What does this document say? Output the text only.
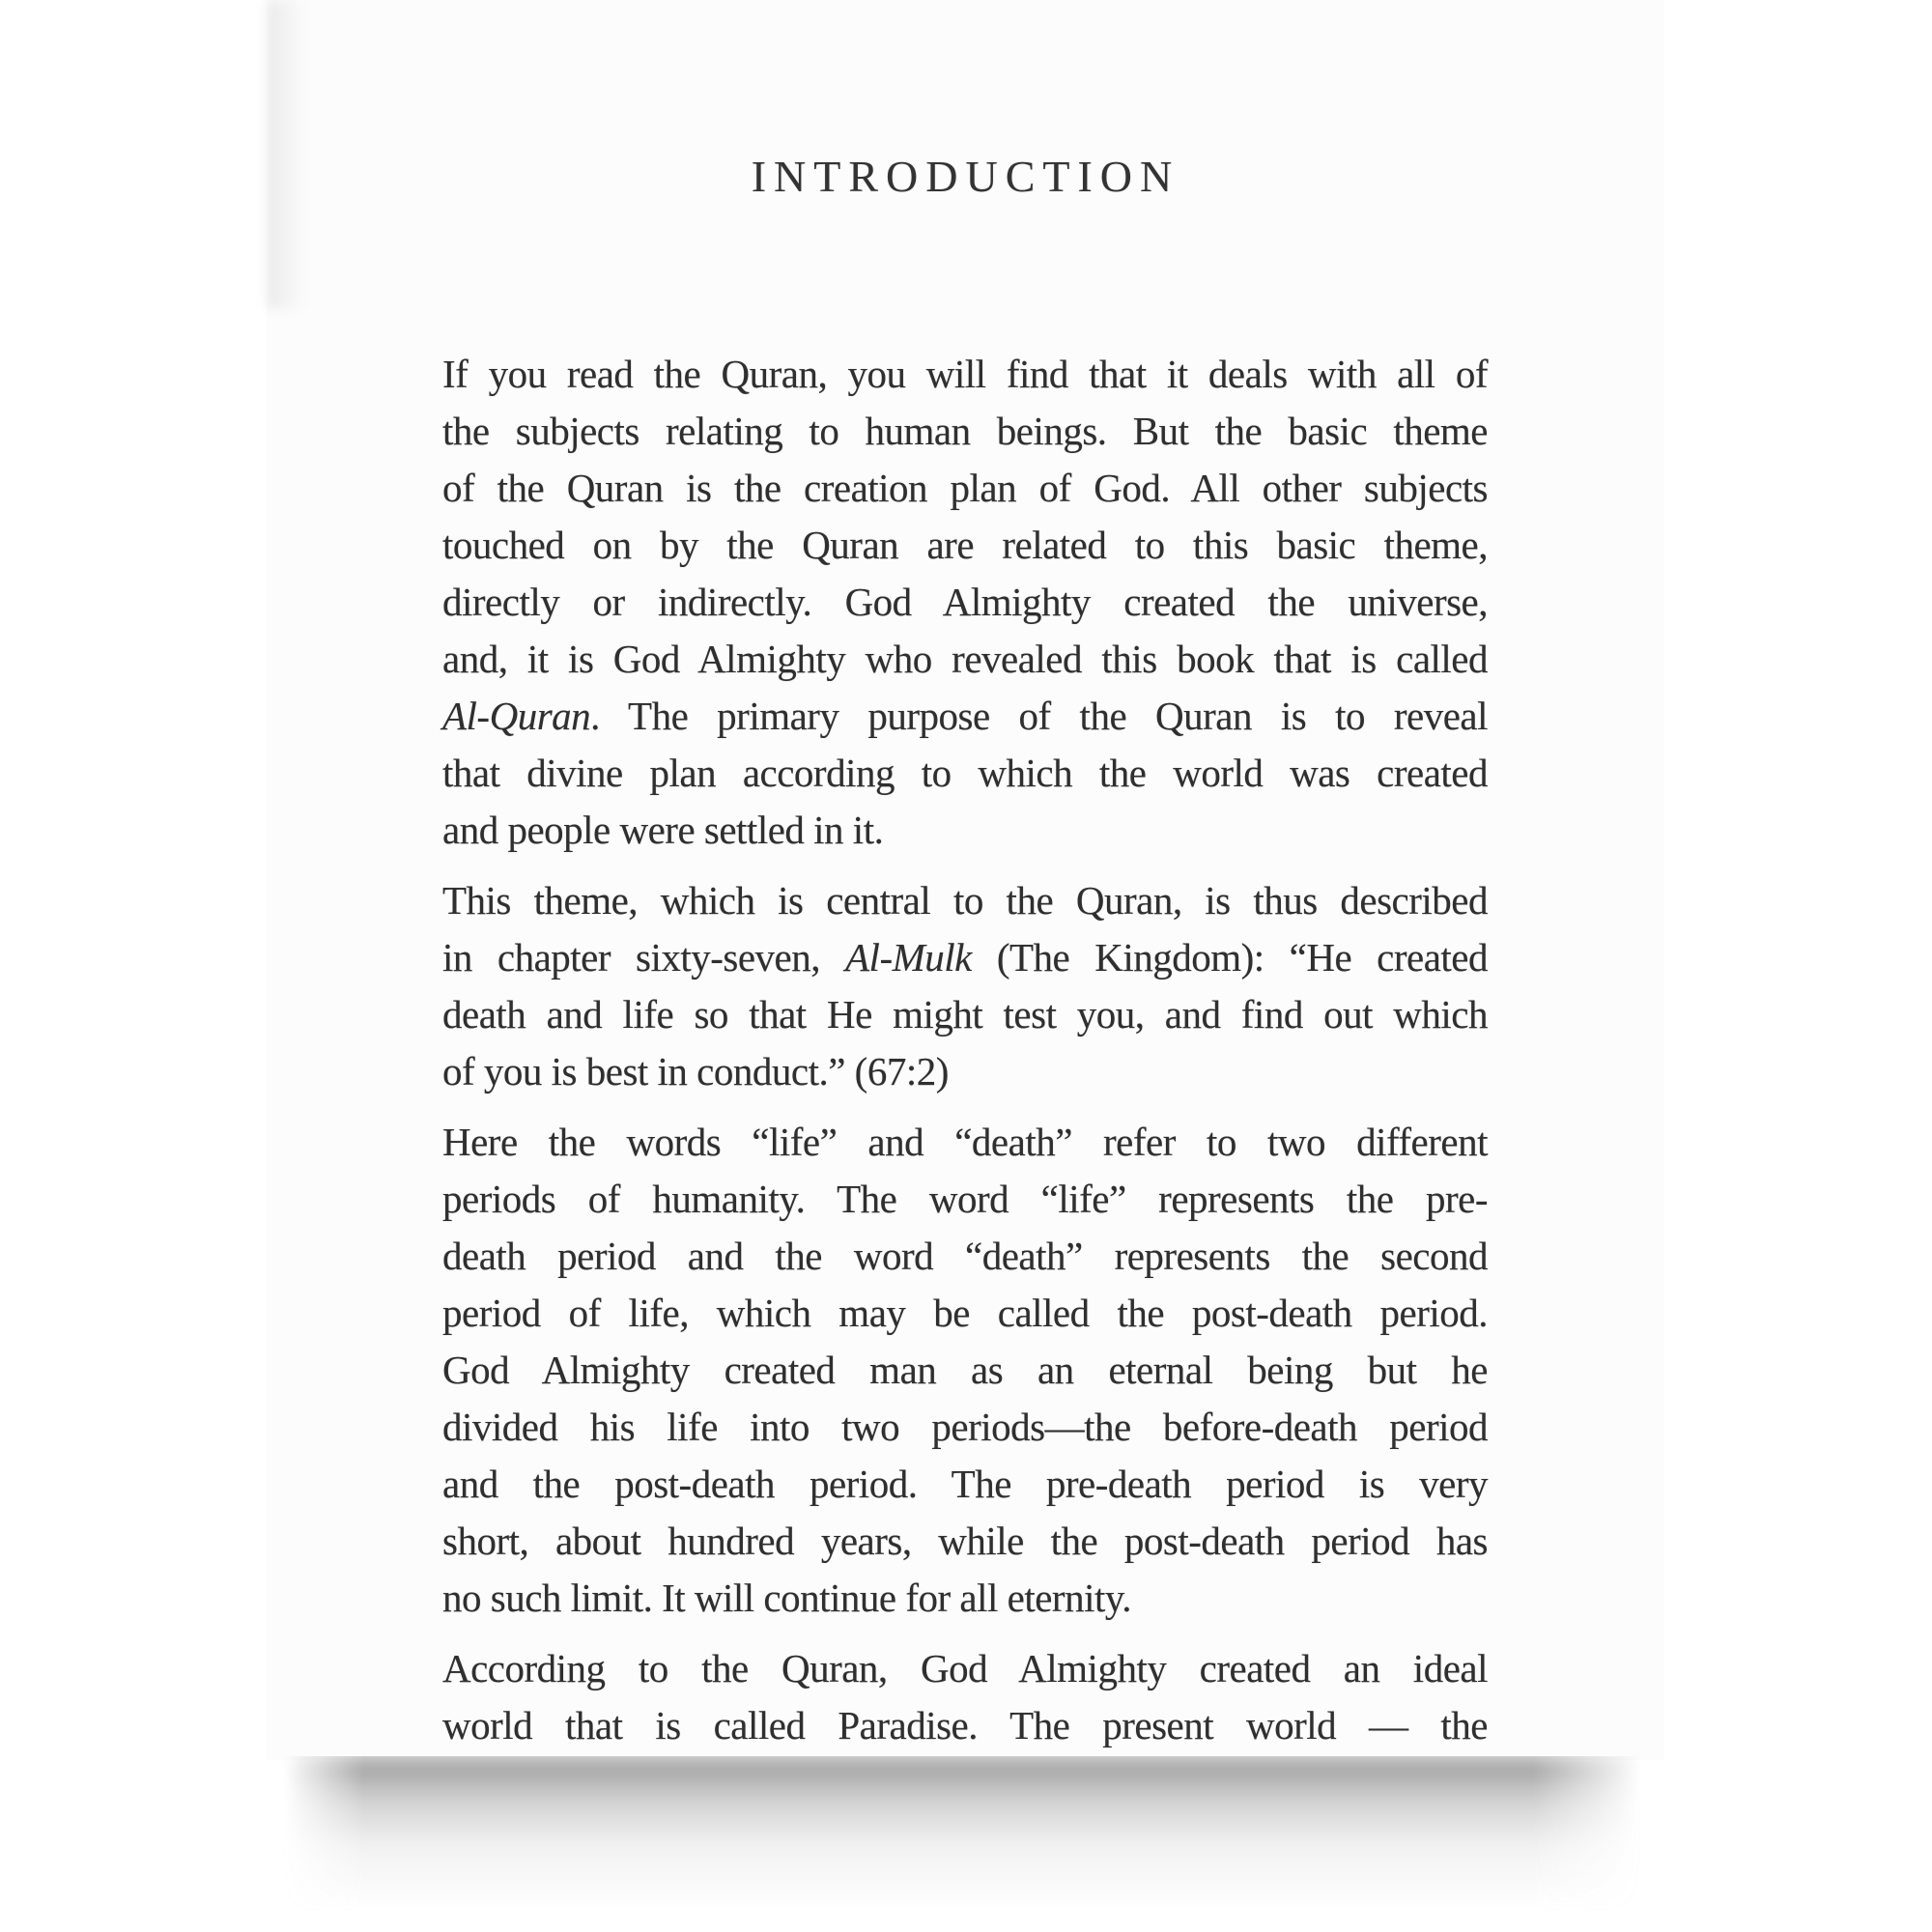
INTRODUCTION
If you read the Quran, you will find that it deals with all of
the subjects relating to human beings. But the basic theme
of the Quran is the creation plan of God. All other subjects
touched on by the Quran are related to this basic theme,
directly or indirectly. God Almighty created the universe,
and, it is God Almighty who revealed this book that is called
Al-Quran. The primary purpose of the Quran is to reveal
that divine plan according to which the world was created
and people were settled in it.
This theme, which is central to the Quran, is thus described
in chapter sixty-seven, Al-Mulk (The Kingdom): “He created
death and life so that He might test you, and find out which
of you is best in conduct.” (67:2)
Here the words “life” and “death” refer to two different
periods of humanity. The word “life” represents the pre-
death period and the word “death” represents the second
period of life, which may be called the post-death period.
God Almighty created man as an eternal being but he
divided his life into two periods—the before-death period
and the post-death period. The pre-death period is very
short, about hundred years, while the post-death period has
no such limit. It will continue for all eternity.
According to the Quran, God Almighty created an ideal
world that is called Paradise. The present world — the
